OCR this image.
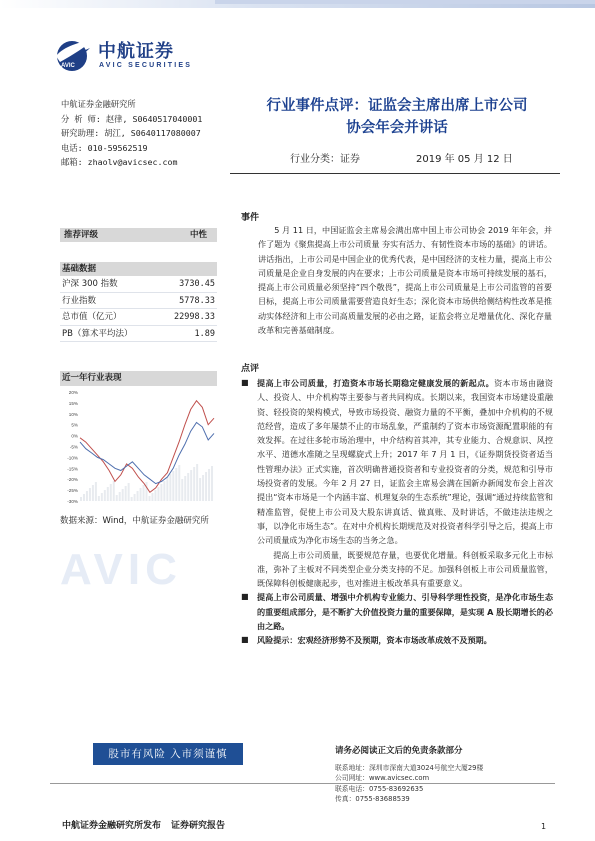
AVIC
中航证券
AVIC SECURITIES
中航证券金融研究所
分 析 师: 赵律, S0640517040001
研究助理: 胡江, S0640117080007
电话: 010-59562519
邮箱: zhaolv@avicsec.com
行业事件点评：证监会主席出席上市公司
协会年会并讲话
行业分类：证券	2019 年 05 月 12 日
推荐评级	中性
基础数据
沪深 300 指数	3730.45
行业指数	5778.33
总市值（亿元）	22998.33
PB（算术平均法）	1.89
近一年行业表现
20%
15%
10%
5%
0%
-5%
-10%
-15%
-20%
-25%
-30%
数据来源：Wind，中航证券金融研究所
AVIC
事件
5 月 11 日，中国证监会主席易会满出席中国上市公司协会 2019 年年会，并作了题为《聚焦提高上市公司质量 夯实有活力、有韧性资本市场的基础》的讲话。讲话指出，上市公司是中国企业的优秀代表，是中国经济的支柱力量，提高上市公司质量是企业自身发展的内在要求；上市公司质量是资本市场可持续发展的基石，提高上市公司质量必须坚持“四个敬畏”，提高上市公司质量是上市公司监管的首要目标，提高上市公司质量需要营造良好生态；深化资本市场供给侧结构性改革是推动实体经济和上市公司高质量发展的必由之路，证监会将立足增量优化、深化存量改革和完善基础制度。
点评
■ 提高上市公司质量，打造资本市场长期稳定健康发展的新起点。资本市场由融资人、投资人、中介机构等主要参与者共同构成。长期以来，我国资本市场建设重融资、轻投资的架构模式，导致市场投资、融资力量的不平衡，叠加中介机构的不规范经营，造成了多年屡禁不止的市场乱象，严重制约了资本市场资源配置职能的有效发挥。在过往多轮市场治理中，中介结构首其冲，其专业能力、合规意识、风控水平、道德水准随之呈现螺旋式上升；2017 年 7 月 1 日，《证券期货投资者适当性管理办法》正式实施，首次明确普通投资者和专业投资者的分类，规范和引导市场投资者的发展。今年 2 月 27 日，证监会主席易会满在国新办新闻发布会上首次提出“资本市场是一个内涵丰富、机理复杂的生态系统”理论，强调“通过持续监管和精准监管，促使上市公司及大股东讲真话、做真账、及时讲话，不做违法违规之事，以净化市场生态”。在对中介机构长期规范及对投资者科学引导之后，提高上市公司质量成为净化市场生态的当务之急。
提高上市公司质量，既要规范存量，也要优化增量。科创板采取多元化上市标准，弥补了主板对不同类型企业分类支持的不足。加强科创板上市公司质量监管，既保障科创板健康起步，也对推进主板改革具有重要意义。
■ 提高上市公司质量、增强中介机构专业能力、引导科学理性投资，是净化市场生态的重要组成部分，是不断扩大价值投资力量的重要保障，是实现 A 股长期增长的必由之路。
■ 风险提示：宏观经济形势不及预期，资本市场改革成效不及预期。
股市有风险 入市须谨慎	请务必阅读正文后的免责条款部分
联系地址：深圳市深南大道3024号航空大厦29楼
公司网址：www.avicsec.com
联系电话：0755-83692635
传真：0755-83688539
中航证券金融研究所发布 证券研究报告	1
